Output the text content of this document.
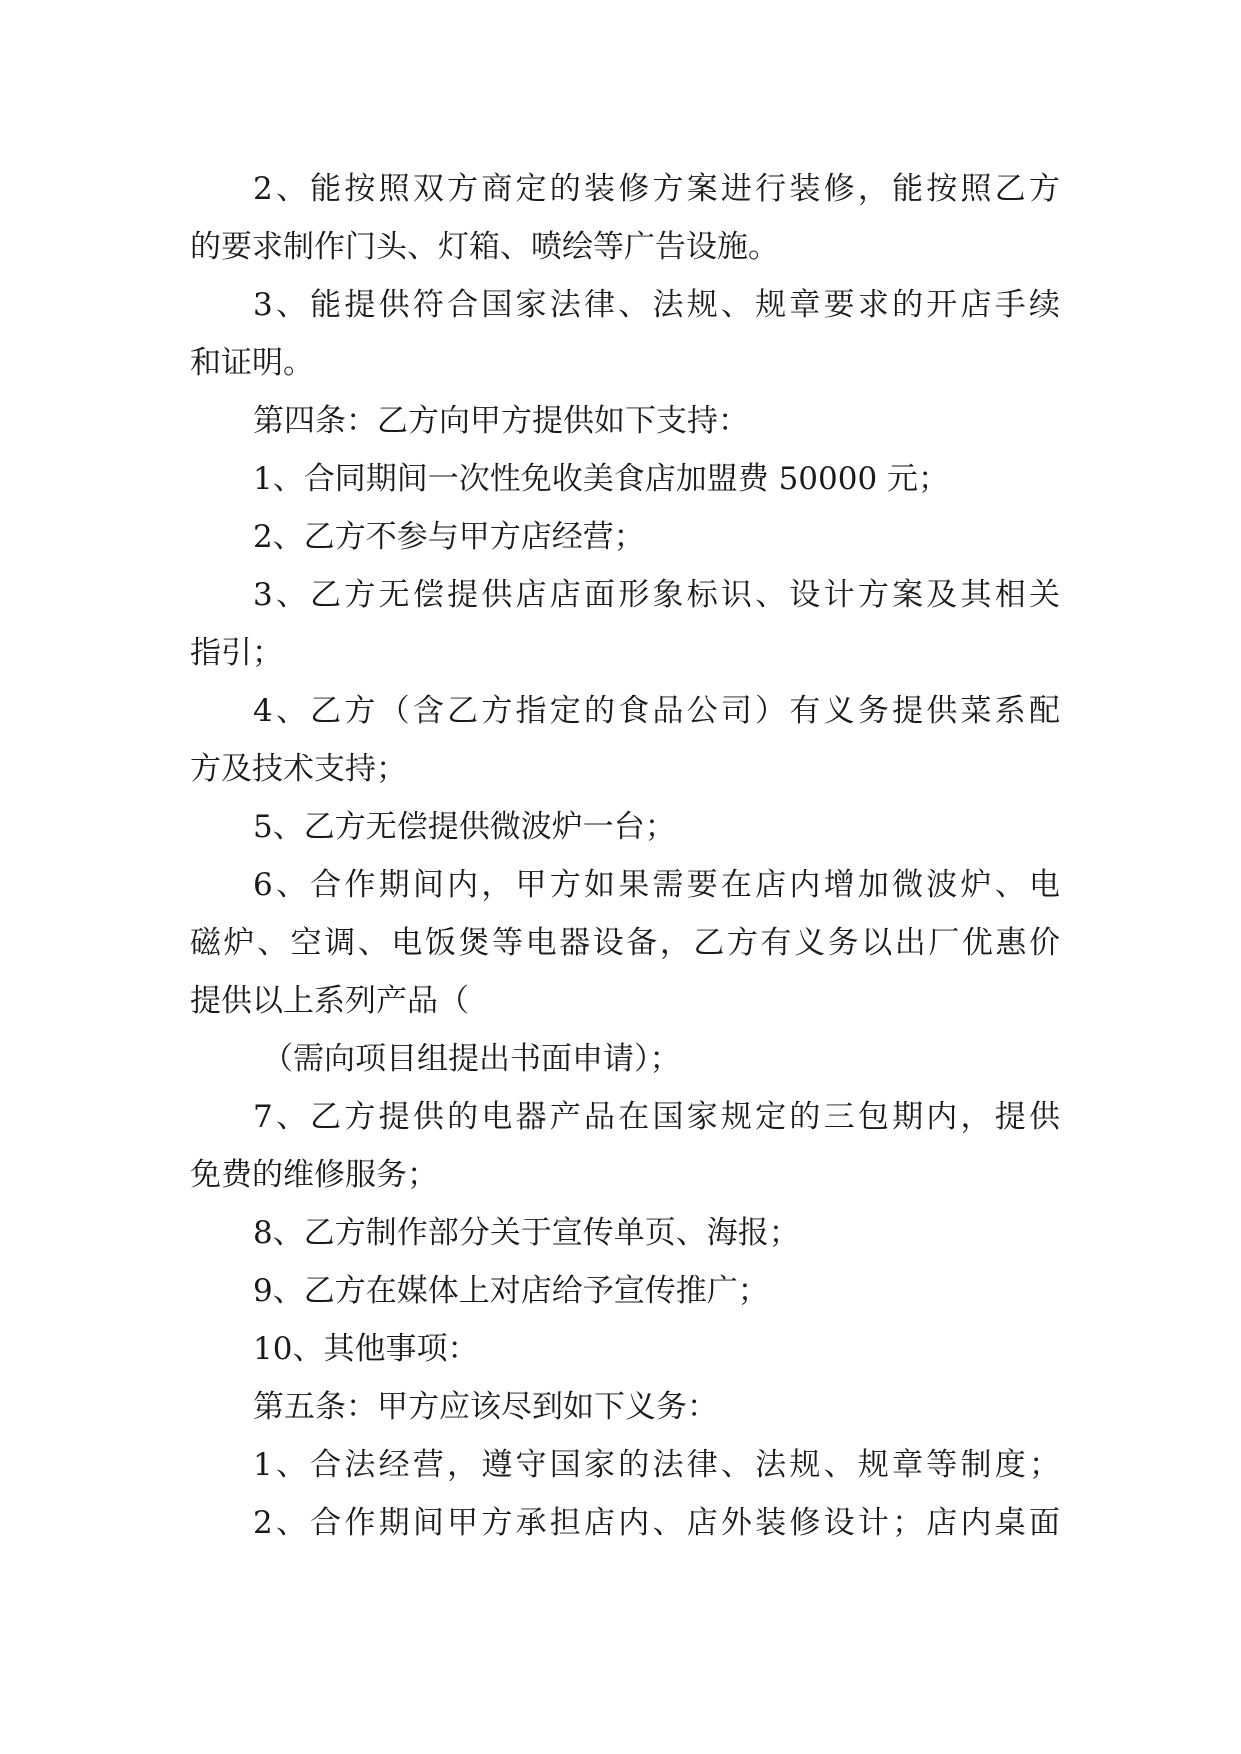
2、能按照双方商定的装修方案进行装修，能按照乙方
的要求制作门头、灯箱、喷绘等广告设施。
3、能提供符合国家法律、法规、规章要求的开店手续
和证明。
第四条：乙方向甲方提供如下支持：
1、合同期间一次性免收美食店加盟费 50000 元；
2、乙方不参与甲方店经营；
3、乙方无偿提供店店面形象标识、设计方案及其相关
指引；
4、乙方（含乙方指定的食品公司）有义务提供菜系配
方及技术支持；
5、乙方无偿提供微波炉一台；
6、合作期间内，甲方如果需要在店内增加微波炉、电
磁炉、空调、电饭煲等电器设备，乙方有义务以出厂优惠价
提供以上系列产品（
（需向项目组提出书面申请）；
7、乙方提供的电器产品在国家规定的三包期内，提供
免费的维修服务；
8、乙方制作部分关于宣传单页、海报；
9、乙方在媒体上对店给予宣传推广；
10、其他事项：
第五条：甲方应该尽到如下义务：
1、合法经营，遵守国家的法律、法规、规章等制度；
2、合作期间甲方承担店内、店外装修设计；店内桌面
